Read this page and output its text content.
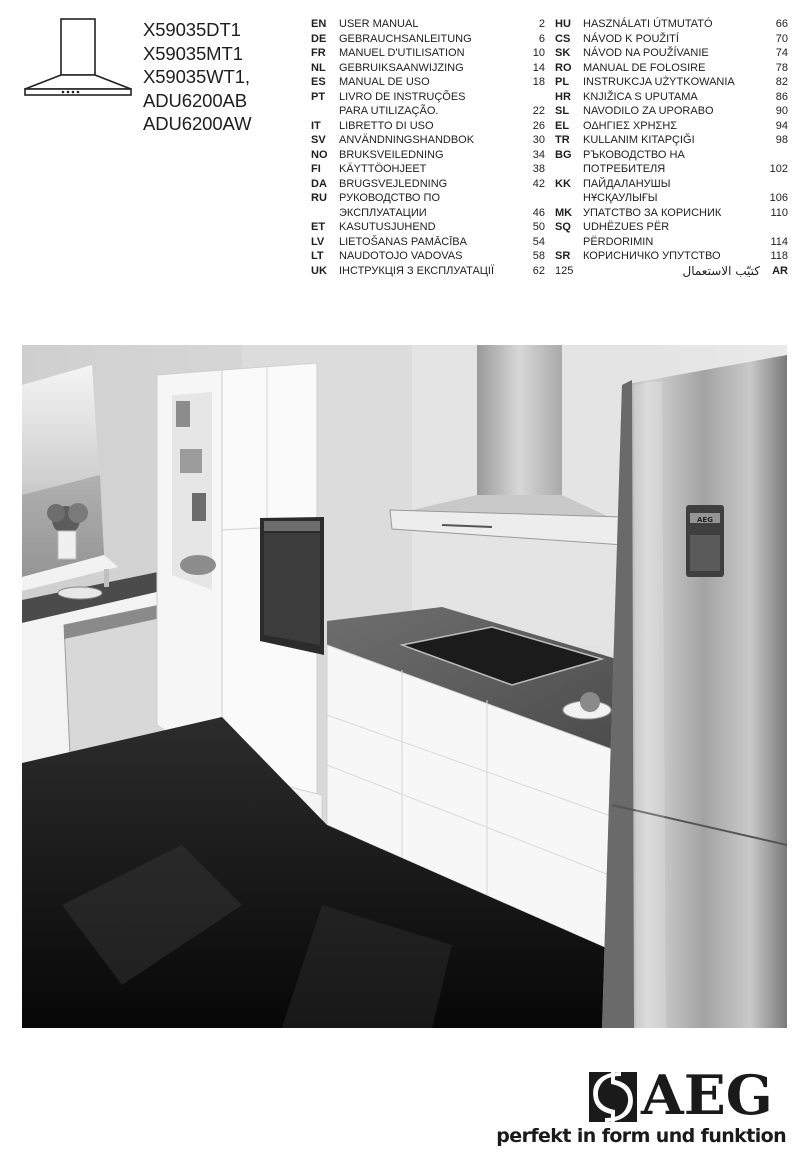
X59035DT1
X59035MT1
X59035WT1,
ADU6200AB
ADU6200AW
EN	USER MANUAL	2
DE	GEBRAUCHSANLEITUNG	6
FR	MANUEL D'UTILISATION	10
NL	GEBRUIKSAANWIJZING	14
ES	MANUAL DE USO	18
PT	LIVRO DE INSTRUÇÕES
PARA UTILIZAÇÃO.	22
IT	LIBRETTO DI USO	26
SV	ANVÄNDNINGSHANDBOK	30
NO	BRUKSVEILEDNING	34
FI	KÄYTTÖOHJEET	38
DA	BRUGSVEJLEDNING	42
RU	РУКОВОДСТВО ПО
ЭКСПЛУАТАЦИИ	46
ET	KASUTUSJUHEND	50
LV	LIETOŠANAS PAMĀCĪBA	54
LT	NAUDOTOJO VADOVAS	58
UK	ІНСТРУКЦІЯ З ЕКСПЛУАТАЦІЇ	62
HU	HASZNÁLATI ÚTMUTATÓ	66
CS	NÁVOD K POUŽITÍ	70
SK	NÁVOD NA POUŽÍVANIE	74
RO	MANUAL DE FOLOSIRE	78
PL	INSTRUKCJA UŻYTKOWANIA	82
HR	KNJIŽICA S UPUTAMA	86
SL	NAVODILO ZA UPORABO	90
EL	ΟΔΗΓΙΕΣ ΧΡΗΣΗΣ	94
TR	KULLANIM KITAPÇIĞI	98
BG	РЪКОВОДСТВО НА
ПОТРЕБИТЕЛЯ	102
KK	ПАЙДАЛАНУШЫ
НҰСҚАУЛЫҒЫ	106
MK УПАТСТВО ЗА КОРИСНИК	110
SQ	UDHËZUES PËR
PËRDORIMIN	114
SR	КОРИСНИЧКО УПУТСТВО	118
125	كتيّب الاستعمال	AR
AEG
AEG
perfekt in form und funktion
